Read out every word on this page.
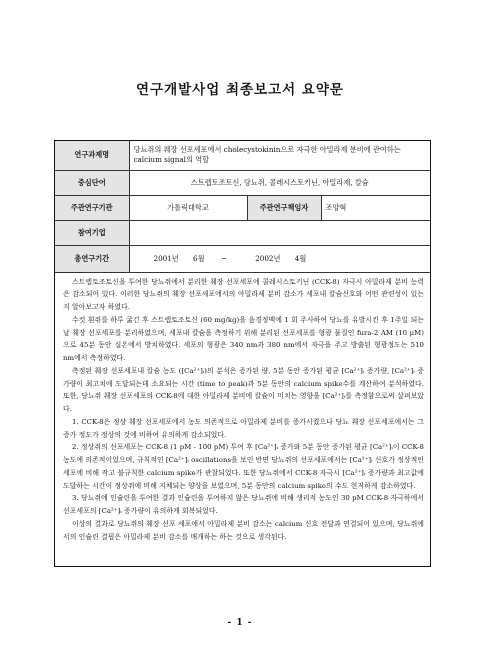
연구개발사업 최종보고서 요약문
연구과제명	당뇨쥐의 췌장 선포세포에서 cholecystokinin으로 자극한 아밀라제 분비에 관여하는 calcium signal의 역할		
중심단어	스트렙토조토신, 당뇨쥐, 콜레시스토키닌, 아밀라제, 칼슘		
주관연구기관	가톨릭대학교	주관연구책임자	조양혁
참여기업			
총연구기간	2001년 6월 ~ 2002년 4월		

스트렙토조토신을 투여한 당뇨쥐에서 분리한 췌장 선포세포에 콜레시스토키닌 (CCK-8) 자극시 아밀라제 분비 능력은 감소되어 있다. 이러한 당뇨쥐의 췌장 선포세포에서의 아밀라제 분비 감소가 세포내 칼슘신호와 어떤 관련성이 있는지 알아보고자 하였다.

수컷 흰쥐를 하루 굶긴 후 스트렙토조토신 (60 mg/kg)을 음경정맥에 1 회 주사하여 당뇨를 유발시킨 후 1주일 되는 날 췌장 선포세포를 분리하였으며, 세포내 칼슘을 측정하기 위해 분리된 선포세포를 형광 물질인 fura-2 AM (10 μM)으로 45분 동안 실온에서 방치하였다. 세포의 형광은 340 nm과 380 nm에서 자극을 주고 방출된 형광정도는 510 nm에서 측정하였다.

측정된 췌장 선포세포내 칼슘 농도 ([Ca²⁺]ᵢ)의 분석은 증가된 량, 5분 동안 증가된 평균 [Ca²⁺]ᵢ 증가량, [Ca²⁺]ᵢ 증가량이 최고치에 도달되는데 소요되는 시간 (time to peak)과 5분 동안의 calcium spike수를 계산하여 분석하였다. 또한, 당뇨쥐 췌장 선포세포의 CCK-8에 대한 아밀라제 분비에 칼슘이 미치는 영향을 [Ca²⁺]ᵢ를 측정함으로써 살펴보았다.

1. CCK-8은 정상 췌장 선포세포에서 농도 의존적으로 아밀라제 분비를 증가시켰으나 당뇨 췌장 선포세포에서는 그 증가 정도가 정상의 것에 비하여 유의하게 감소되었다.

2. 정상쥐의 선포세포는 CCK-8 (1 pM - 100 pM) 투여 후 [Ca²⁺]ᵢ 증가와 5분 동안 증가된 평균 [Ca²⁺]ᵢ이 CCK-8 농도에 의존적이었으며, 규칙적인 [Ca²⁺]ᵢ oscillations을 보인 반면 당뇨쥐의 선포세포에서는 [Ca²⁺]ᵢ 신호가 정상적인 세포에 비해 작고 불규칙한 calcium spike가 관찰되었다. 또한 당뇨쥐에서 CCK-8 자극시 [Ca²⁺]ᵢ 증가량과 최고값에 도달하는 시간이 정상쥐에 비해 지체되는 양상을 보였으며, 5분 동안의 calcium spike의 수도 현저하게 감소하였다.

3. 당뇨쥐에 인슐린을 투여한 결과 인슐린을 투여하지 않은 당뇨쥐에 비해 생리적 농도인 30 pM CCK-8 자극하에서 선포세포의 [Ca²⁺]ᵢ 증가량이 유의하게 회복되었다.

이상의 결과로 당뇨쥐의 췌장 선포 세포에서 아밀라제 분비 감소는 calcium 신호 전달과 연결되어 있으며, 당뇨쥐에서의 인슐린 결핍은 아밀라제 분비 감소를 매개하는 하는 것으로 생각된다.

- 1 -
